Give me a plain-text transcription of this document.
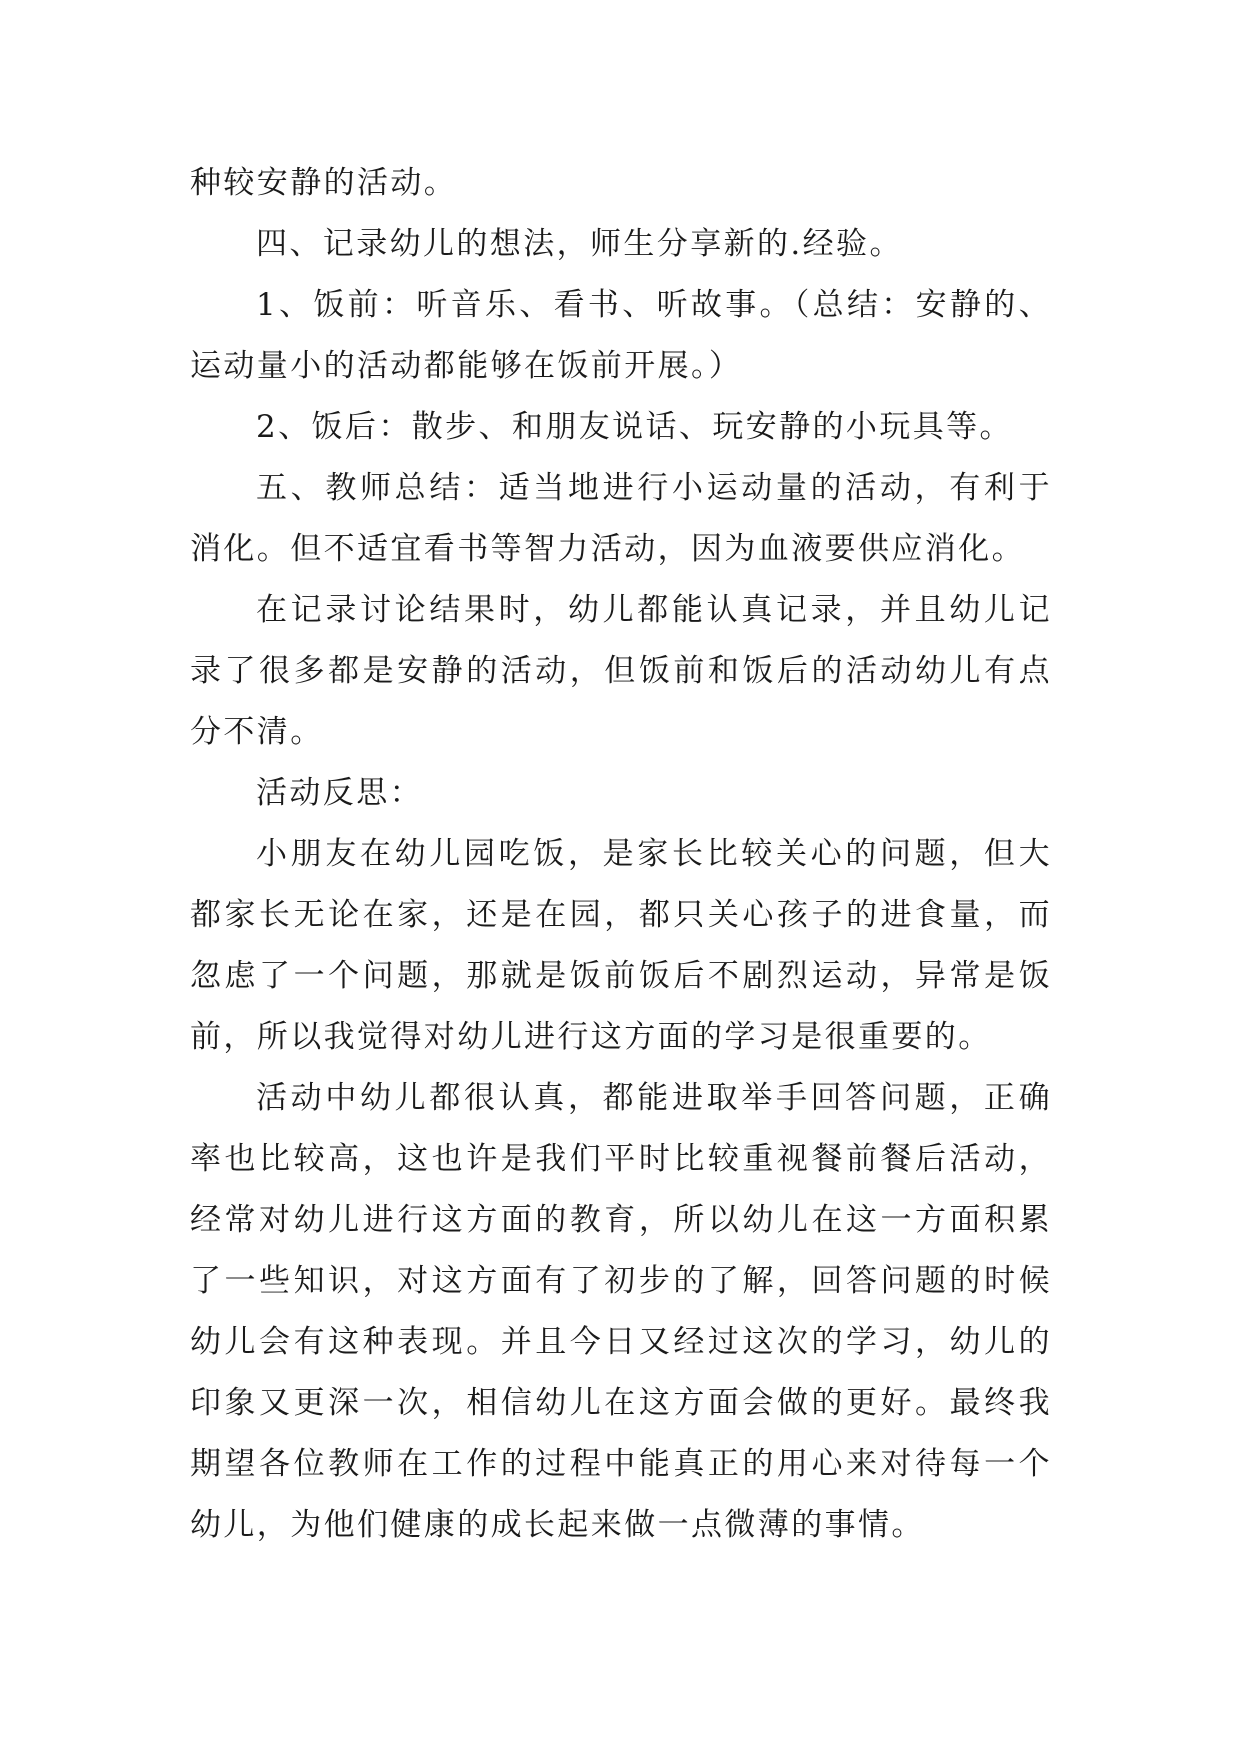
种较安静的活动。

四、记录幼儿的想法，师生分享新的.经验。

1、饭前：听音乐、看书、听故事。（总结：安静的、运动量小的活动都能够在饭前开展。）

2、饭后：散步、和朋友说话、玩安静的小玩具等。

五、教师总结：适当地进行小运动量的活动，有利于消化。但不适宜看书等智力活动，因为血液要供应消化。

在记录讨论结果时，幼儿都能认真记录，并且幼儿记录了很多都是安静的活动，但饭前和饭后的活动幼儿有点分不清。

活动反思：

小朋友在幼儿园吃饭，是家长比较关心的问题，但大都家长无论在家，还是在园，都只关心孩子的进食量，而忽虑了一个问题，那就是饭前饭后不剧烈运动，异常是饭前，所以我觉得对幼儿进行这方面的学习是很重要的。

活动中幼儿都很认真，都能进取举手回答问题，正确率也比较高，这也许是我们平时比较重视餐前餐后活动，经常对幼儿进行这方面的教育，所以幼儿在这一方面积累了一些知识，对这方面有了初步的了解，回答问题的时候幼儿会有这种表现。并且今日又经过这次的学习，幼儿的印象又更深一次，相信幼儿在这方面会做的更好。最终我期望各位教师在工作的过程中能真正的用心来对待每一个幼儿，为他们健康的成长起来做一点微薄的事情。
